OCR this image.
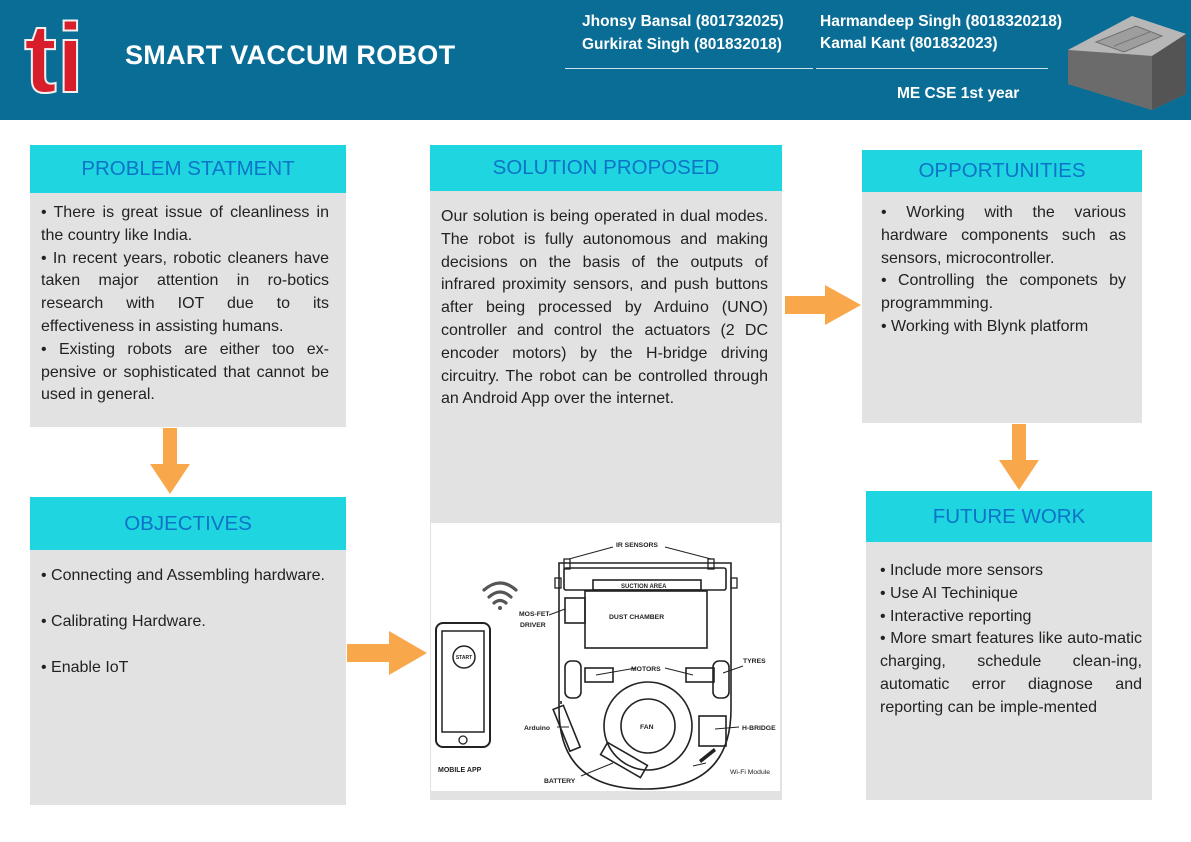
ti SMART VACCUM ROBOT
Jhonsy Bansal (801732025)
Gurkirat Singh (801832018)
Harmandeep Singh (8018320218)
Kamal Kant (801832023)
ME CSE 1st year
PROBLEM STATMENT

• There is great issue of cleanliness in the country like India.

• In recent years, robotic cleaners have taken major attention in ro-botics research with IOT due to its effectiveness in assisting humans.

• Existing robots are either too ex-pensive or sophisticated that cannot be used in general.

OBJECTIVES

• Connecting and Assembling hardware.

• Calibrating Hardware.

• Enable IoT

SOLUTION PROPOSED
Our solution is being operated in dual modes. The robot is fully autonomous and making decisions on the basis of the outputs of infrared proximity sensors, and push buttons after being processed by Arduino (UNO) controller and control the actuators (2 DC encoder motors) by the H-bridge driving circuitry. The robot can be controlled through an Android App over the internet.
START
MOBILE APP
IR SENSORS
SUCTION AREA
DUST CHAMBER
MOS-FET
DRIVER
MOTORS
TYRES
FAN
Arduino	H-BRIDGE
BATTERY
Wi-Fi Module
OPPORTUNITIES

• Working with the various hardware components such as sensors, microcontroller.

• Controlling the componets by programmming.

• Working with Blynk platform

FUTURE WORK

• Include more sensors

• Use AI Techinique

• Interactive reporting

• More smart features like auto-matic charging, schedule clean-ing, automatic error diagnose and reporting can be imple-mented
